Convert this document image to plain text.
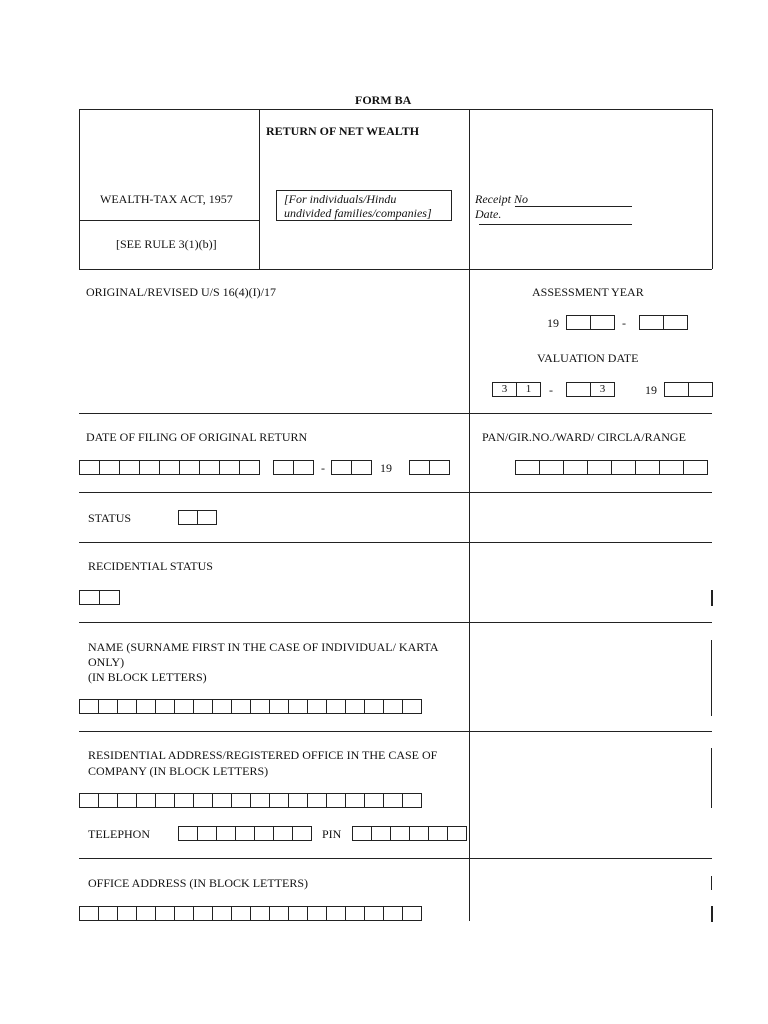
FORM BA
WEALTH-TAX ACT, 1957
[SEE RULE 3(1)(b)]
RETURN OF NET WEALTH
[For individuals/Hindu
undivided families/companies]
Receipt No
Date.
ORIGINAL/REVISED U/S 16(4)(I)/17	ASSESSMENT YEAR
19	-
VALUATION DATE
3	1	-	3	19
DATE OF FILING OF ORIGINAL RETURN
-	19
PAN/GIR.NO./WARD/ CIRCLA/RANGE
STATUS
RECIDENTIAL STATUS
NAME (SURNAME FIRST IN THE CASE OF INDIVIDUAL/ KARTA
ONLY)
(IN BLOCK LETTERS)
RESIDENTIAL ADDRESS/REGISTERED OFFICE IN THE CASE OF
COMPANY (IN BLOCK LETTERS)
TELEPHON	PIN
OFFICE ADDRESS (IN BLOCK LETTERS)
